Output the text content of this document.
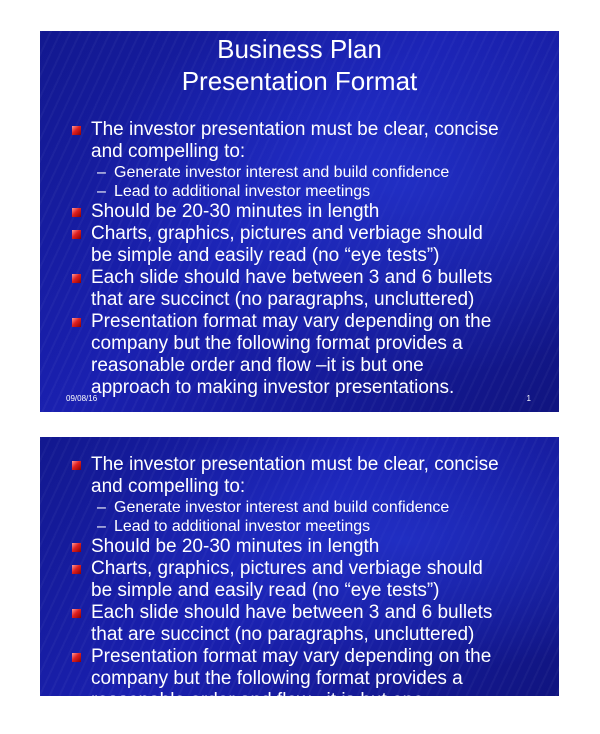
Business Plan
Presentation Format
The investor presentation must be clear, concise
and compelling to:
– Generate investor interest and build confidence
– Lead to additional investor meetings
Should be 20-30 minutes in length
Charts, graphics, pictures and verbiage should
be simple and easily read (no “eye tests”)
Each slide should have between 3 and 6 bullets
that are succinct (no paragraphs, uncluttered)
Presentation format may vary depending on the
company but the following format provides a
reasonable order and flow –it is but one
approach to making investor presentations.
09/08/16	1
The investor presentation must be clear, concise
and compelling to:
– Generate investor interest and build confidence
– Lead to additional investor meetings
Should be 20-30 minutes in length
Charts, graphics, pictures and verbiage should
be simple and easily read (no “eye tests”)
Each slide should have between 3 and 6 bullets
that are succinct (no paragraphs, uncluttered)
Presentation format may vary depending on the
company but the following format provides a
reasonable order and flow –it is but one
approach to making investor presentations.
